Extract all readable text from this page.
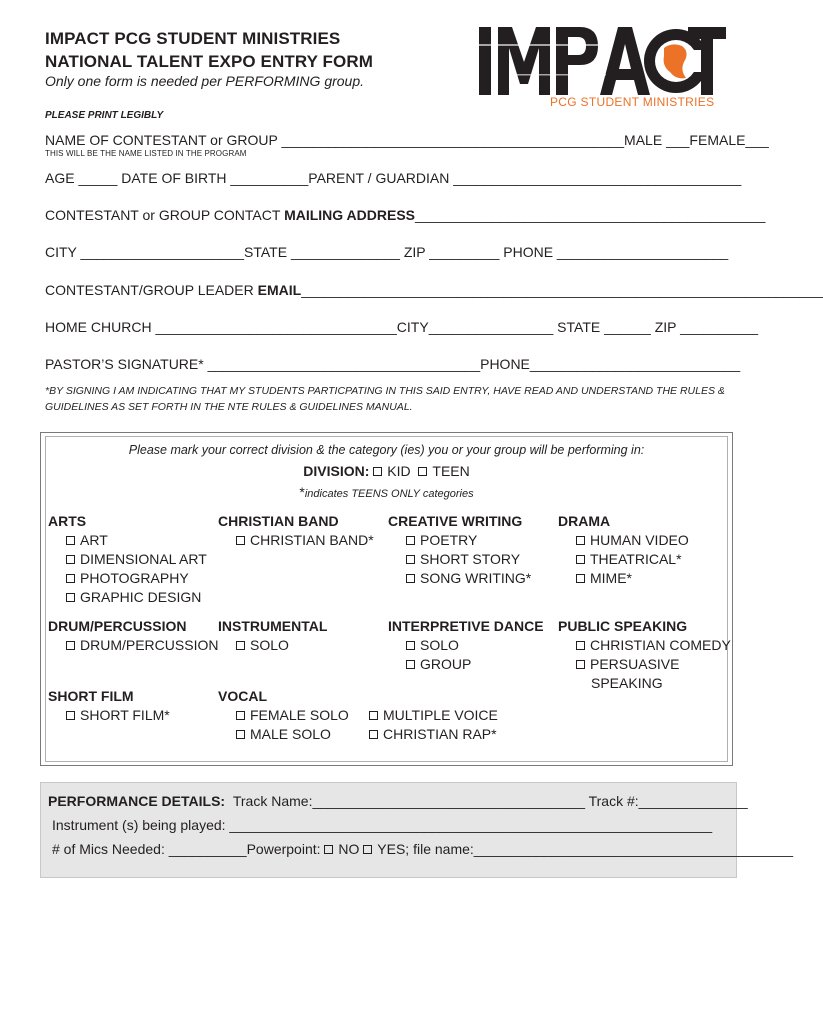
IMPACT PCG STUDENT MINISTRIES
NATIONAL TALENT EXPO ENTRY FORM
Only one form is needed per PERFORMING group.
PLEASE PRINT LEGIBLY
PCG STUDENT MINISTRIES
NAME OF CONTESTANT or GROUP ____________________________________________MALE ___FEMALE___
THIS WILL BE THE NAME LISTED IN THE PROGRAM
AGE _____ DATE OF BIRTH __________PARENT / GUARDIAN _____________________________________
CONTESTANT or GROUP CONTACT MAILING ADDRESS_____________________________________________
CITY _____________________STATE ______________ ZIP _________ PHONE ______________________
CONTESTANT/GROUP LEADER EMAIL___________________________________________________________________
HOME CHURCH _______________________________CITY________________ STATE ______ ZIP __________
PASTOR’S SIGNATURE* ___________________________________PHONE___________________________
*BY SIGNING I AM INDICATING THAT MY STUDENTS PARTICPATING IN THIS SAID ENTRY, HAVE READ AND UNDERSTAND THE RULES & GUIDELINES AS SET FORTH IN THE NTE RULES & GUIDELINES MANUAL.
Please mark your correct division & the category (ies) you or your group will be performing in:
DIVISION: KID TEEN
*indicates TEENS ONLY categories
ARTS
ART
DIMENSIONAL ART
PHOTOGRAPHY
GRAPHIC DESIGN
CHRISTIAN BAND
CHRISTIAN BAND*
CREATIVE WRITING
POETRY
SHORT STORY
SONG WRITING*
DRAMA
HUMAN VIDEO
THEATRICAL*
MIME*
DRUM/PERCUSSION
DRUM/PERCUSSION
INSTRUMENTAL
SOLO
INTERPRETIVE DANCE
SOLO
GROUP
PUBLIC SPEAKING
CHRISTIAN COMEDY
PERSUASIVE
SPEAKING
SHORT FILM
SHORT FILM*
VOCAL
FEMALE SOLO
MALE SOLO
MULTIPLE VOICE
CHRISTIAN RAP*
PERFORMANCE DETAILS: Track Name:___________________________________ Track #:______________
Instrument (s) being played: ______________________________________________________________
# of Mics Needed: __________Powerpoint: NO YES; file name:_________________________________________
